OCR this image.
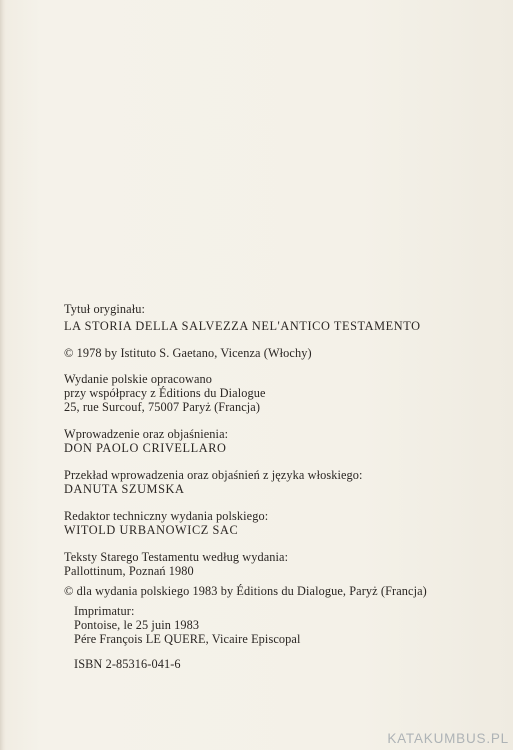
Tytuł oryginału:
LA STORIA DELLA SALVEZZA NEL'ANTICO TESTAMENTO
© 1978 by Istituto S. Gaetano, Vicenza (Włochy)
Wydanie polskie opracowano
przy współpracy z Éditions du Dialogue
25, rue Surcouf, 75007 Paryż (Francja)
Wprowadzenie oraz objaśnienia:
DON PAOLO CRIVELLARO
Przekład wprowadzenia oraz objaśnień z języka włoskiego:
DANUTA SZUMSKA
Redaktor techniczny wydania polskiego:
WITOLD URBANOWICZ SAC
Teksty Starego Testamentu według wydania:
Pallottinum, Poznań 1980
© dla wydania polskiego 1983 by Éditions du Dialogue, Paryż (Francja)
Imprimatur:
Pontoise, le 25 juin 1983
Pére François LE QUERE, Vicaire Episcopal
ISBN 2-85316-041-6
KATAKUMBUS.PL
